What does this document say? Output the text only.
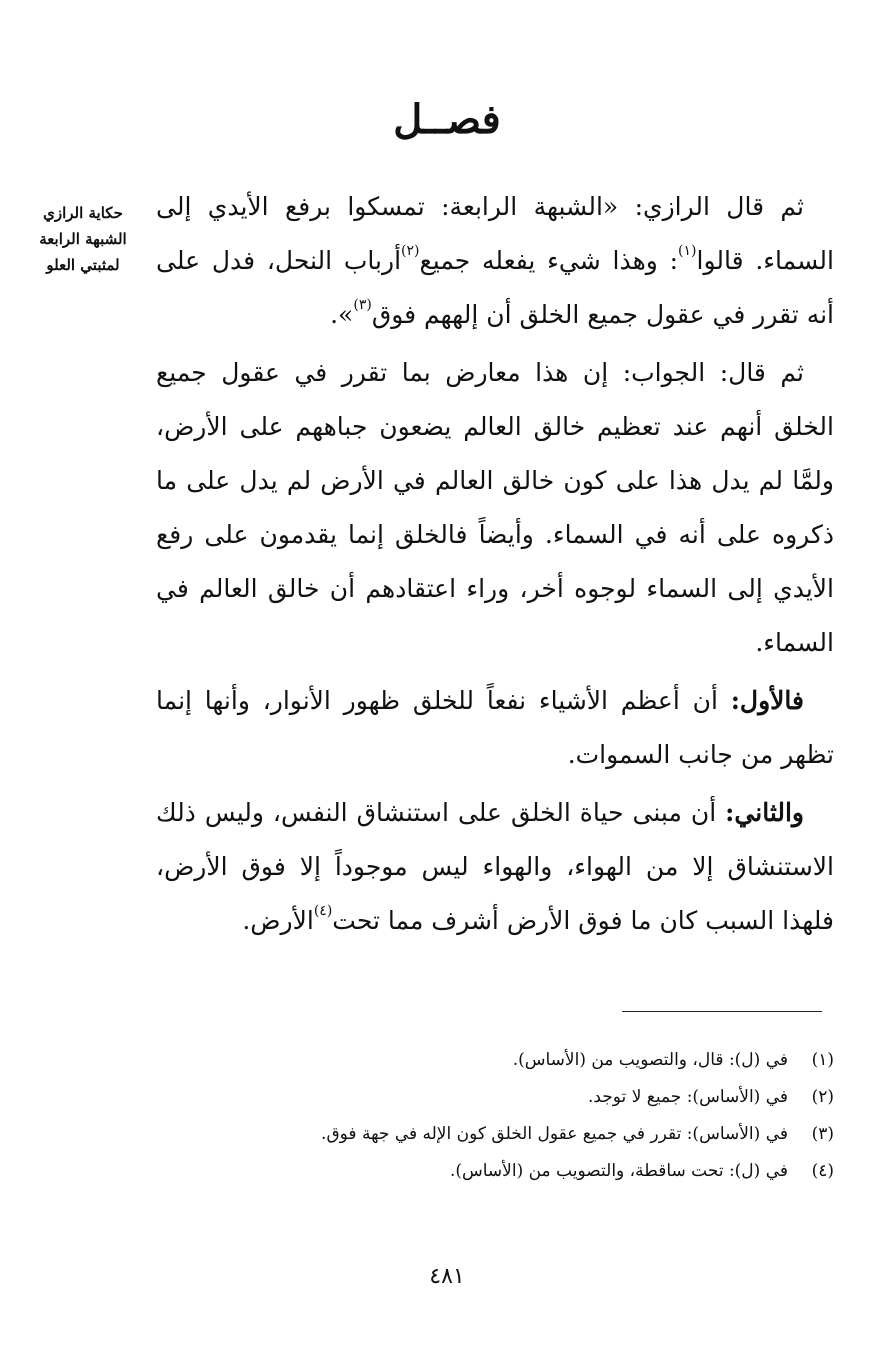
فصــل
حكاية الرازي
الشبهة الرابعة
لمثبتي العلو

ثم قال الرازي: «الشبهة الرابعة: تمسكوا برفع الأيدي إلى السماء. قالوا$^{(١)}$: وهذا شيء يفعله جميع$^{(٢)}$أرباب النحل، فدل على أنه تقرر في عقول جميع الخلق أن إلههم فوق$^{(٣)}$».

ثم قال: الجواب: إن هذا معارض بما تقرر في عقول جميع الخلق أنهم عند تعظيم خالق العالم يضعون جباههم على الأرض، ولمَّا لم يدل هذا على كون خالق العالم في الأرض لم يدل على ما ذكروه على أنه في السماء. وأيضاً فالخلق إنما يقدمون على رفع الأيدي إلى السماء لوجوه أخر، وراء اعتقادهم أن خالق العالم في السماء.

فالأول: أن أعظم الأشياء نفعاً للخلق ظهور الأنوار، وأنها إنما تظهر من جانب السموات.

والثاني: أن مبنى حياة الخلق على استنشاق النفس، وليس ذلك الاستنشاق إلا من الهواء، والهواء ليس موجوداً إلا فوق الأرض، فلهذا السبب كان ما فوق الأرض أشرف مما تحت$^{(٤)}$الأرض.

(١)في (ل): قال، والتصويب من (الأساس).
(٢)في (الأساس): جميع لا توجد.
(٣)في (الأساس): تقرر في جميع عقول الخلق كون الإله في جهة فوق.
(٤)في (ل): تحت ساقطة، والتصويب من (الأساس).
٤٨١
